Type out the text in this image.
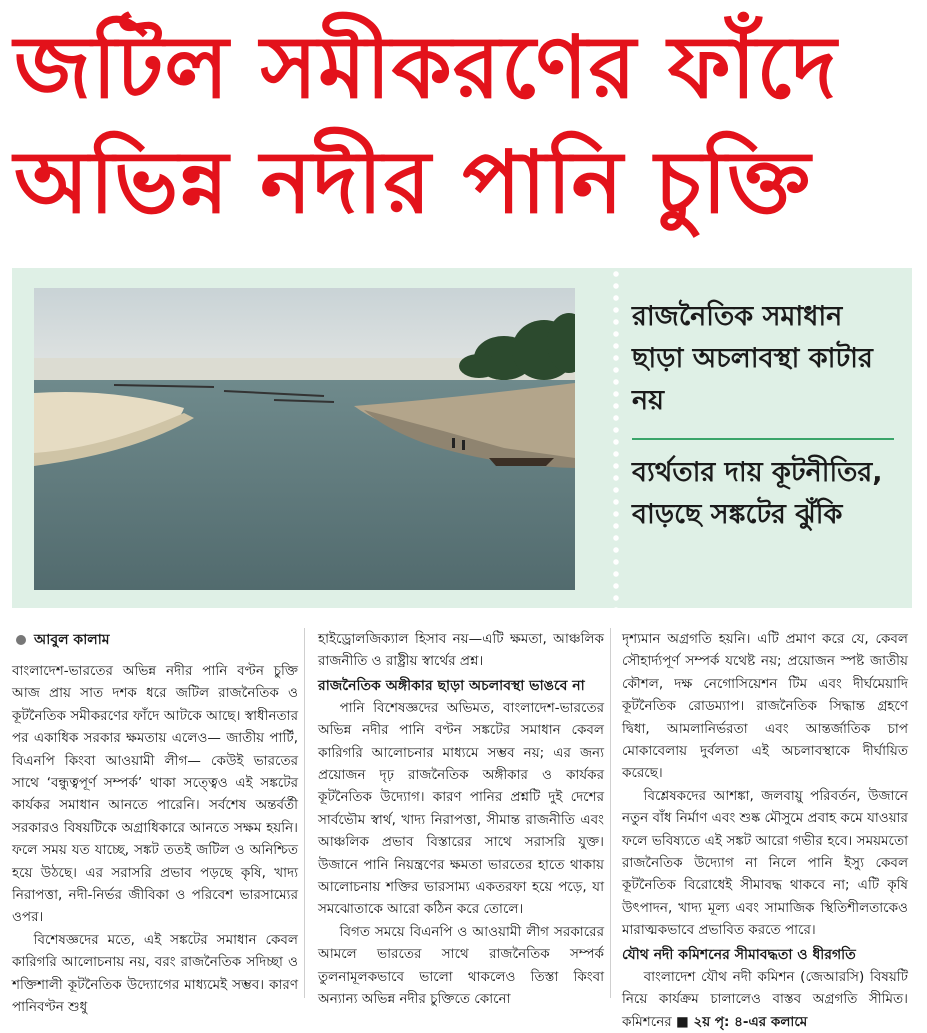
জটিল সমীকরণের ফাঁদে
অভিন্ন নদীর পানি চুক্তি
রাজনৈতিক সমাধান ছাড়া অচলাবস্থা কাটার নয়
ব্যর্থতার দায় কূটনীতির, বাড়ছে সঙ্কটের ঝুঁকি
আবুল কালাম

বাংলাদেশ-ভারতের অভিন্ন নদীর পানি বণ্টন চুক্তি আজ প্রায় সাত দশক ধরে জটিল রাজনৈতিক ও কূটনৈতিক সমীকরণের ফাঁদে আটকে আছে। স্বাধীনতার পর একাধিক সরকার ক্ষমতায় এলেও— জাতীয় পার্টি, বিএনপি কিংবা আওয়ামী লীগ— কেউই ভারতের সাথে ‘বন্ধুত্বপূর্ণ সম্পর্ক’ থাকা সত্ত্বেও এই সঙ্কটের কার্যকর সমাধান আনতে পারেনি। সর্বশেষ অন্তর্বর্তী সরকারও বিষয়টিকে অগ্রাধিকারে আনতে সক্ষম হয়নি। ফলে সময় যত যাচ্ছে, সঙ্কট ততই জটিল ও অনিশ্চিত হয়ে উঠছে। এর সরাসরি প্রভাব পড়ছে কৃষি, খাদ্য নিরাপত্তা, নদী-নির্ভর জীবিকা ও পরিবেশ ভারসাম্যের ওপর।

বিশেষজ্ঞদের মতে, এই সঙ্কটের সমাধান কেবল কারিগরি আলোচনায় নয়, বরং রাজনৈতিক সদিচ্ছা ও শক্তিশালী কূটনৈতিক উদ্যোগের মাধ্যমেই সম্ভব। কারণ পানিবণ্টন শুধু

হাইড্রোলজিক্যাল হিসাব নয়—এটি ক্ষমতা, আঞ্চলিক রাজনীতি ও রাষ্ট্রীয় স্বার্থের প্রশ্ন।

রাজনৈতিক অঙ্গীকার ছাড়া অচলাবস্থা ভাঙবে না

পানি বিশেষজ্ঞদের অভিমত, বাংলাদেশ-ভারতের অভিন্ন নদীর পানি বণ্টন সঙ্কটের সমাধান কেবল কারিগরি আলোচনার মাধ্যমে সম্ভব নয়; এর জন্য প্রয়োজন দৃঢ় রাজনৈতিক অঙ্গীকার ও কার্যকর কূটনৈতিক উদ্যোগ। কারণ পানির প্রশ্নটি দুই দেশের সার্বভৌম স্বার্থ, খাদ্য নিরাপত্তা, সীমান্ত রাজনীতি এবং আঞ্চলিক প্রভাব বিস্তারের সাথে সরাসরি যুক্ত। উজানে পানি নিয়ন্ত্রণের ক্ষমতা ভারতের হাতে থাকায় আলোচনায় শক্তির ভারসাম্য একতরফা হয়ে পড়ে, যা সমঝোতাকে আরো কঠিন করে তোলে।

বিগত সময়ে বিএনপি ও আওয়ামী লীগ সরকারের আমলে ভারতের সাথে রাজনৈতিক সম্পর্ক তুলনামূলকভাবে ভালো থাকলেও তিস্তা কিংবা অন্যান্য অভিন্ন নদীর চুক্তিতে কোনো

দৃশ্যমান অগ্রগতি হয়নি। এটি প্রমাণ করে যে, কেবল সৌহার্দ্যপূর্ণ সম্পর্ক যথেষ্ট নয়; প্রয়োজন স্পষ্ট জাতীয় কৌশল, দক্ষ নেগোসিয়েশন টিম এবং দীর্ঘমেয়াদি কূটনৈতিক রোডম্যাপ। রাজনৈতিক সিদ্ধান্ত গ্রহণে দ্বিধা, আমলানির্ভরতা এবং আন্তর্জাতিক চাপ মোকাবেলায় দুর্বলতা এই অচলাবস্থাকে দীর্ঘায়িত করেছে।

বিশ্লেষকদের আশঙ্কা, জলবায়ু পরিবর্তন, উজানে নতুন বাঁধ নির্মাণ এবং শুষ্ক মৌসুমে প্রবাহ কমে যাওয়ার ফলে ভবিষ্যতে এই সঙ্কট আরো গভীর হবে। সময়মতো রাজনৈতিক উদ্যোগ না নিলে পানি ইস্যু কেবল কূটনৈতিক বিরোধেই সীমাবদ্ধ থাকবে না; এটি কৃষি উৎপাদন, খাদ্য মূল্য এবং সামাজিক স্থিতিশীলতাকেও মারাত্মকভাবে প্রভাবিত করতে পারে।

যৌথ নদী কমিশনের সীমাবদ্ধতা ও ধীরগতি

বাংলাদেশ যৌথ নদী কমিশন (জেআরসি) বিষয়টি নিয়ে কার্যক্রম চালালেও বাস্তব অগ্রগতি সীমিত। কমিশনের ■ ২য় পৃ: ৪-এর কলামে
